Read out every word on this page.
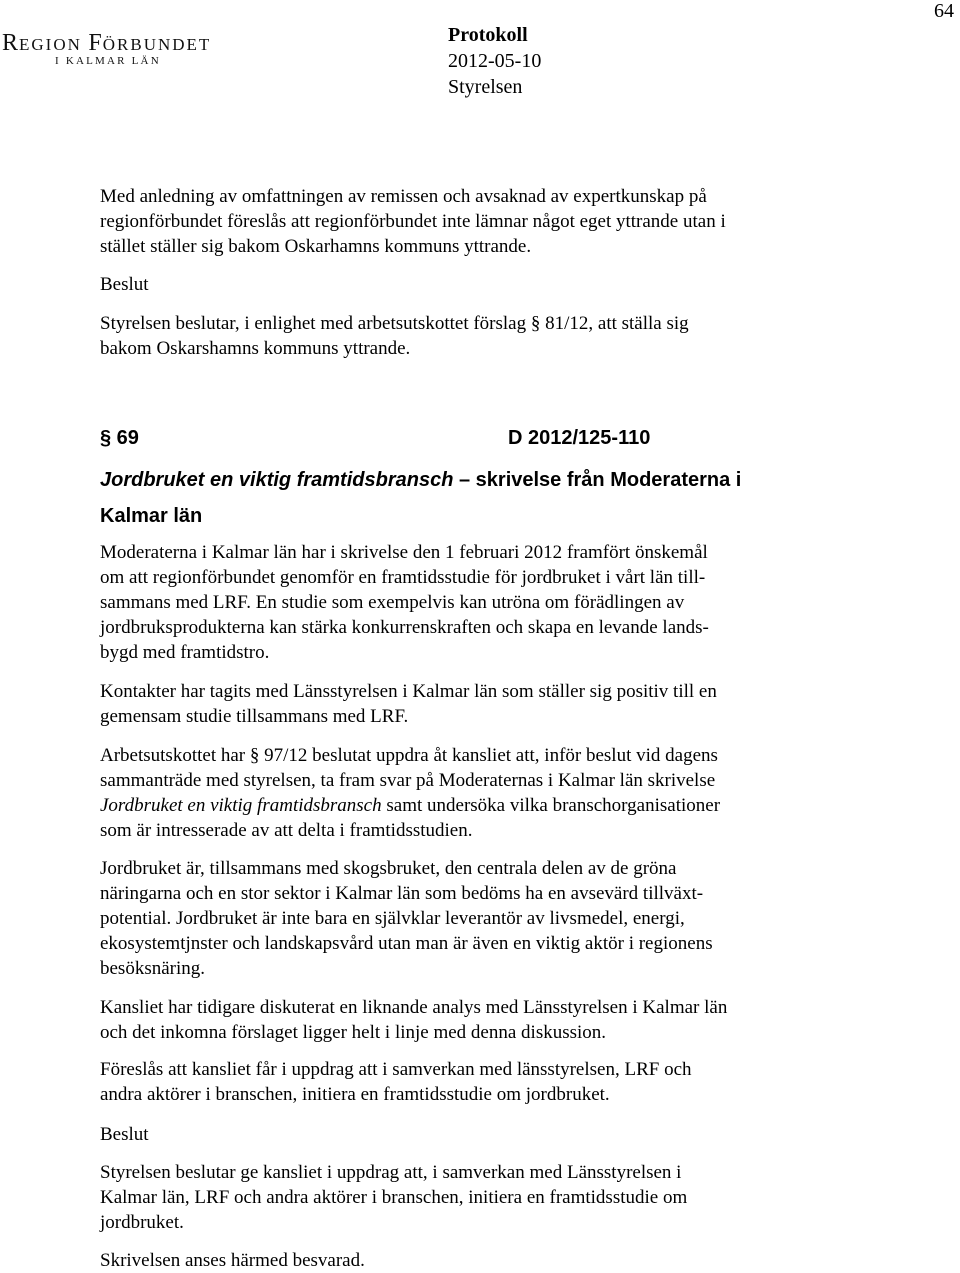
REGION FÖRBUNDET
I KALMAR LÄN
64
Protokoll
2012-05-10
Styrelsen

Med anledning av omfattningen av remissen och avsaknad av expertkunskap på

regionförbundet föreslås att regionförbundet inte lämnar något eget yttrande utan i

stället ställer sig bakom Oskarhamns kommuns yttrande.

Beslut

Styrelsen beslutar, i enlighet med arbetsutskottet förslag § 81/12, att ställa sig

bakom Oskarshamns kommuns yttrande.

§ 69	D 2012/125-110
Jordbruket en viktig framtidsbransch – skrivelse från Moderaterna i
Kalmar län

Moderaterna i Kalmar län har i skrivelse den 1 februari 2012 framfört önskemål

om att regionförbundet genomför en framtidsstudie för jordbruket i vårt län till-

sammans med LRF. En studie som exempelvis kan utröna om förädlingen av

jordbruksprodukterna kan stärka konkurrenskraften och skapa en levande lands-

bygd med framtidstro.

Kontakter har tagits med Länsstyrelsen i Kalmar län som ställer sig positiv till en

gemensam studie tillsammans med LRF.

Arbetsutskottet har § 97/12 beslutat uppdra åt kansliet att, inför beslut vid dagens

sammanträde med styrelsen, ta fram svar på Moderaternas i Kalmar län skrivelse

Jordbruket en viktig framtidsbransch samt undersöka vilka branschorganisationer

som är intresserade av att delta i framtidsstudien.

Jordbruket är, tillsammans med skogsbruket, den centrala delen av de gröna

näringarna och en stor sektor i Kalmar län som bedöms ha en avsevärd tillväxt-

potential. Jordbruket är inte bara en självklar leverantör av livsmedel, energi,

ekosystemtjnster och landskapsvård utan man är även en viktig aktör i regionens

besöksnäring.

Kansliet har tidigare diskuterat en liknande analys med Länsstyrelsen i Kalmar län

och det inkomna förslaget ligger helt i linje med denna diskussion.

Föreslås att kansliet får i uppdrag att i samverkan med länsstyrelsen, LRF och

andra aktörer i branschen, initiera en framtidsstudie om jordbruket.

Beslut

Styrelsen beslutar ge kansliet i uppdrag att, i samverkan med Länsstyrelsen i

Kalmar län, LRF och andra aktörer i branschen, initiera en framtidsstudie om

jordbruket.

Skrivelsen anses härmed besvarad.
